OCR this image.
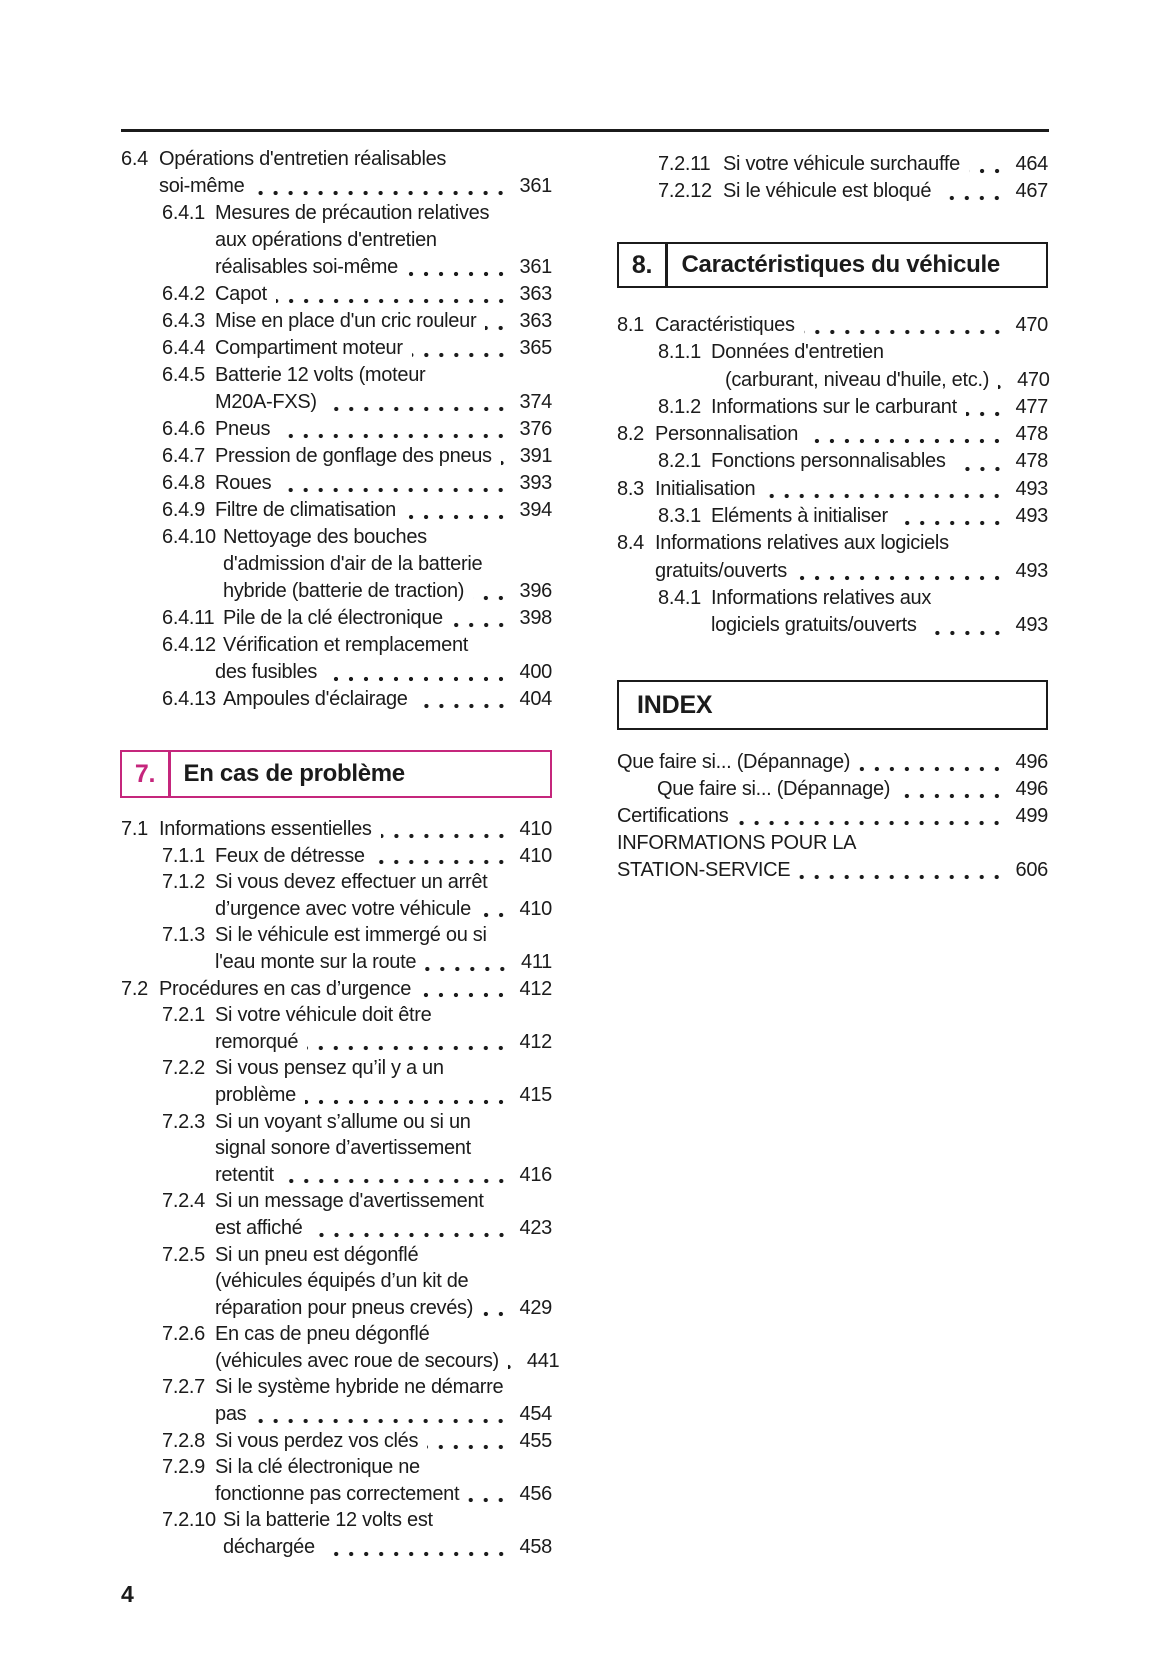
6.4 Opérations d'entretien réalisables
soi-même	361
6.4.1 Mesures de précaution relatives
aux opérations d'entretien
réalisables soi-même	361
6.4.2 Capot	363
6.4.3 Mise en place d'un cric rouleur 363
6.4.4 Compartiment moteur	365
6.4.5 Batterie 12 volts (moteur
M20A-FXS)	374
6.4.6 Pneus	376
6.4.7 Pression de gonflage des pneus 391
6.4.8 Roues	393
6.4.9 Filtre de climatisation	394
6.4.10 Nettoyage des bouches
d'admission d'air de la batterie
hybride (batterie de traction)	396
6.4.11 Pile de la clé électronique	398
6.4.12 Vérification et remplacement
des fusibles	400
6.4.13 Ampoules d'éclairage	404
7.	En cas de problème
7.1 Informations essentielles	410
7.1.1 Feux de détresse	410
7.1.2 Si vous devez effectuer un arrêt
d’urgence avec votre véhicule 410
7.1.3 Si le véhicule est immergé ou si
l'eau monte sur la route	411
7.2 Procédures en cas d’urgence	412
7.2.1 Si votre véhicule doit être
remorqué	412
7.2.2 Si vous pensez qu’il y a un
problème	415
7.2.3 Si un voyant s’allume ou si un
signal sonore d’avertissement
retentit	416
7.2.4 Si un message d'avertissement
est affiché	423
7.2.5 Si un pneu est dégonflé
(véhicules équipés d’un kit de
réparation pour pneus crevés) 429
7.2.6 En cas de pneu dégonflé
(véhicules avec roue de secours) 441
7.2.7 Si le système hybride ne démarre
pas	454
7.2.8 Si vous perdez vos clés	455
7.2.9 Si la clé électronique ne
fonctionne pas correctement	456
7.2.10 Si la batterie 12 volts est
déchargée	458
7.2.11 Si votre véhicule surchauffe	464
7.2.12 Si le véhicule est bloqué	467
8.	Caractéristiques du véhicule
8.1 Caractéristiques	470
8.1.1 Données d'entretien
(carburant, niveau d'huile, etc.) 470
8.1.2 Informations sur le carburant	477
8.2 Personnalisation	478
8.2.1 Fonctions personnalisables	478
8.3 Initialisation	493
8.3.1 Eléments à initialiser	493
8.4 Informations relatives aux logiciels
gratuits/ouverts	493
8.4.1 Informations relatives aux
logiciels gratuits/ouverts	493
INDEX
Que faire si... (Dépannage)	496
Que faire si... (Dépannage)	496
Certifications	499
INFORMATIONS POUR LA
STATION-SERVICE	606
4
